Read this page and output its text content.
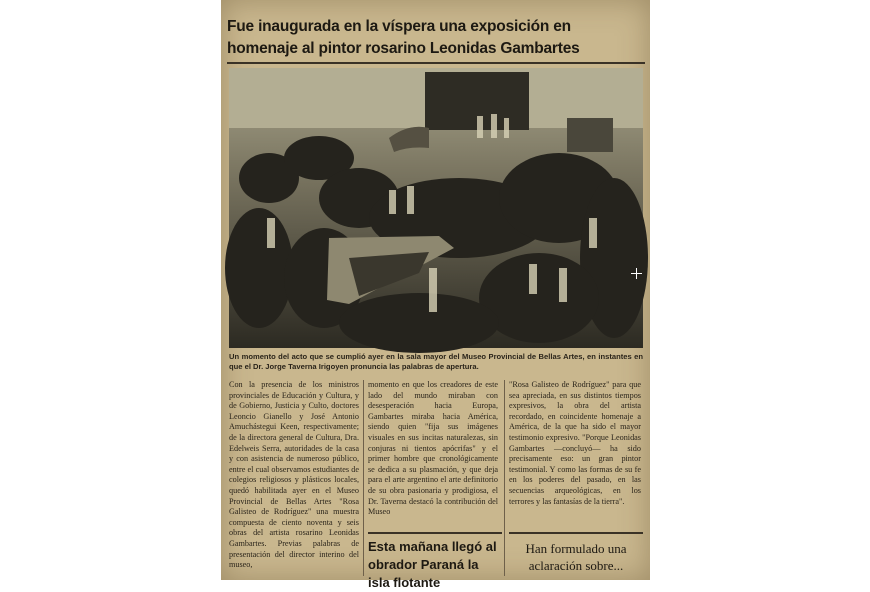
Fue inaugurada en la víspera una exposición en
homenaje al pintor rosarino Leonidas Gambartes
Un momento del acto que se cumplió ayer en la sala mayor del Museo Provincial de Bellas Artes, en instantes en que el Dr. Jorge Taverna Irigoyen pronuncia las palabras de apertura.
Con la presencia de los ministros provinciales de Educación y Cultura, y de Gobierno, Justicia y Culto, doctores Leoncio Gianello y José Antonio Amuchástegui Keen, respectivamente; de la directora general de Cultura, Dra. Edelweis Serra, autoridades de la casa y con asistencia de numeroso público, entre el cual observamos estudiantes de colegios religiosos y plásticos locales, quedó habilitada ayer en el Museo Provincial de Bellas Artes "Rosa Galisteo de Rodríguez" una muestra compuesta de ciento noventa y seis obras del artista rosarino Leonidas Gambartes. Previas palabras de presentación del director interino del museo,
momento en que los creadores de este lado del mundo miraban con desesperación hacia Europa, Gambartes miraba hacia América, siendo quien "fija sus imágenes visuales en sus incitas naturalezas, sin conjuras ni tientos apócrifas" y el primer hombre que cronológicamente se dedica a su plasmación, y que deja para el arte argentino el arte definitorio de su obra pasionaria y prodigiosa, el Dr. Taverna destacó la contribución del Museo
"Rosa Galisteo de Rodríguez" para que sea apreciada, en sus distintos tiempos expresivos, la obra del artista recordado, en coincidente homenaje a América, de la que ha sido el mayor testimonio expresivo. "Porque Leonidas Gambartes —concluyó— ha sido precisamente eso: un gran pintor testimonial. Y como las formas de su fe en los poderes del pasado, en las secuencias arqueológicas, en los terrores y las fantasías de la tierra".
Esta mañana llegó al obrador Paraná la isla flotante
Han formulado una aclaración sobre...
